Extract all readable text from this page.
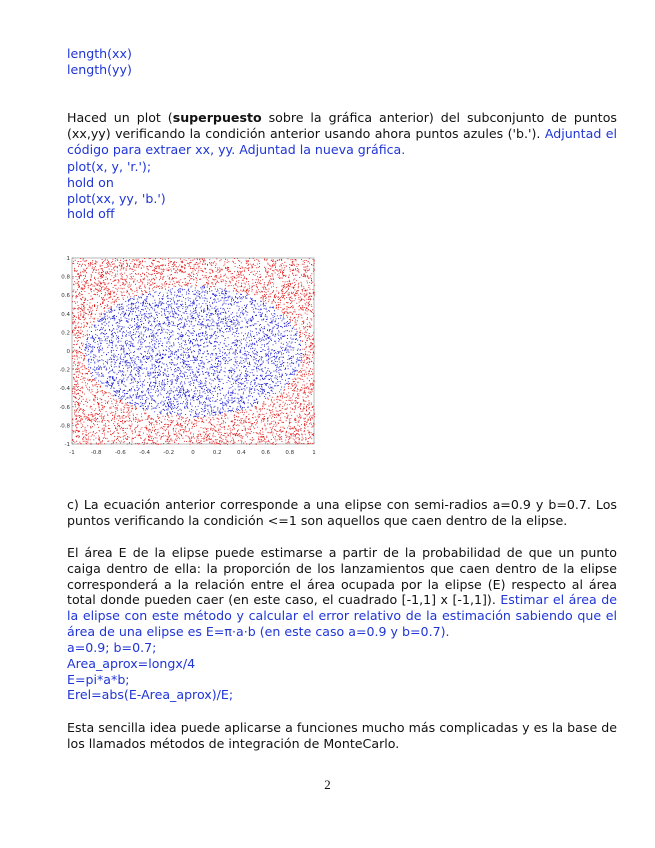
length(xx)
length(yy)
Haced un plot (superpuesto sobre la gráfica anterior) del subconjunto de puntos (xx,yy) verificando la condición anterior usando ahora puntos azules ('b.'). Adjuntad el código para extraer xx, yy. Adjuntad la nueva gráfica.
plot(x, y, 'r.');
hold on
plot(xx, yy, 'b.')
hold off
-1	-0.8 -0.6 -0.4 -0.2	0	0.2	0.4	0.6	0.8	1
1
0.8
0.6
0.4
0.2
0
-0.2
-0.4
-0.6
-0.8
-1
c) La ecuación anterior corresponde a una elipse con semi-radios a=0.9 y b=0.7. Los puntos verificando la condición <=1 son aquellos que caen dentro de la elipse.
El área E de la elipse puede estimarse a partir de la probabilidad de que un punto caiga dentro de ella: la proporción de los lanzamientos que caen dentro de la elipse corresponderá a la relación entre el área ocupada por la elipse (E) respecto al área total donde pueden caer (en este caso, el cuadrado [-1,1] x [-1,1]). Estimar el área de la elipse con este método y calcular el error relativo de la estimación sabiendo que el área de una elipse es E=π·a·b (en este caso a=0.9 y b=0.7).
a=0.9; b=0.7;
Area_aprox=longx/4
E=pi*a*b;
Erel=abs(E-Area_aprox)/E;
Esta sencilla idea puede aplicarse a funciones mucho más complicadas y es la base de los llamados métodos de integración de MonteCarlo.
2
